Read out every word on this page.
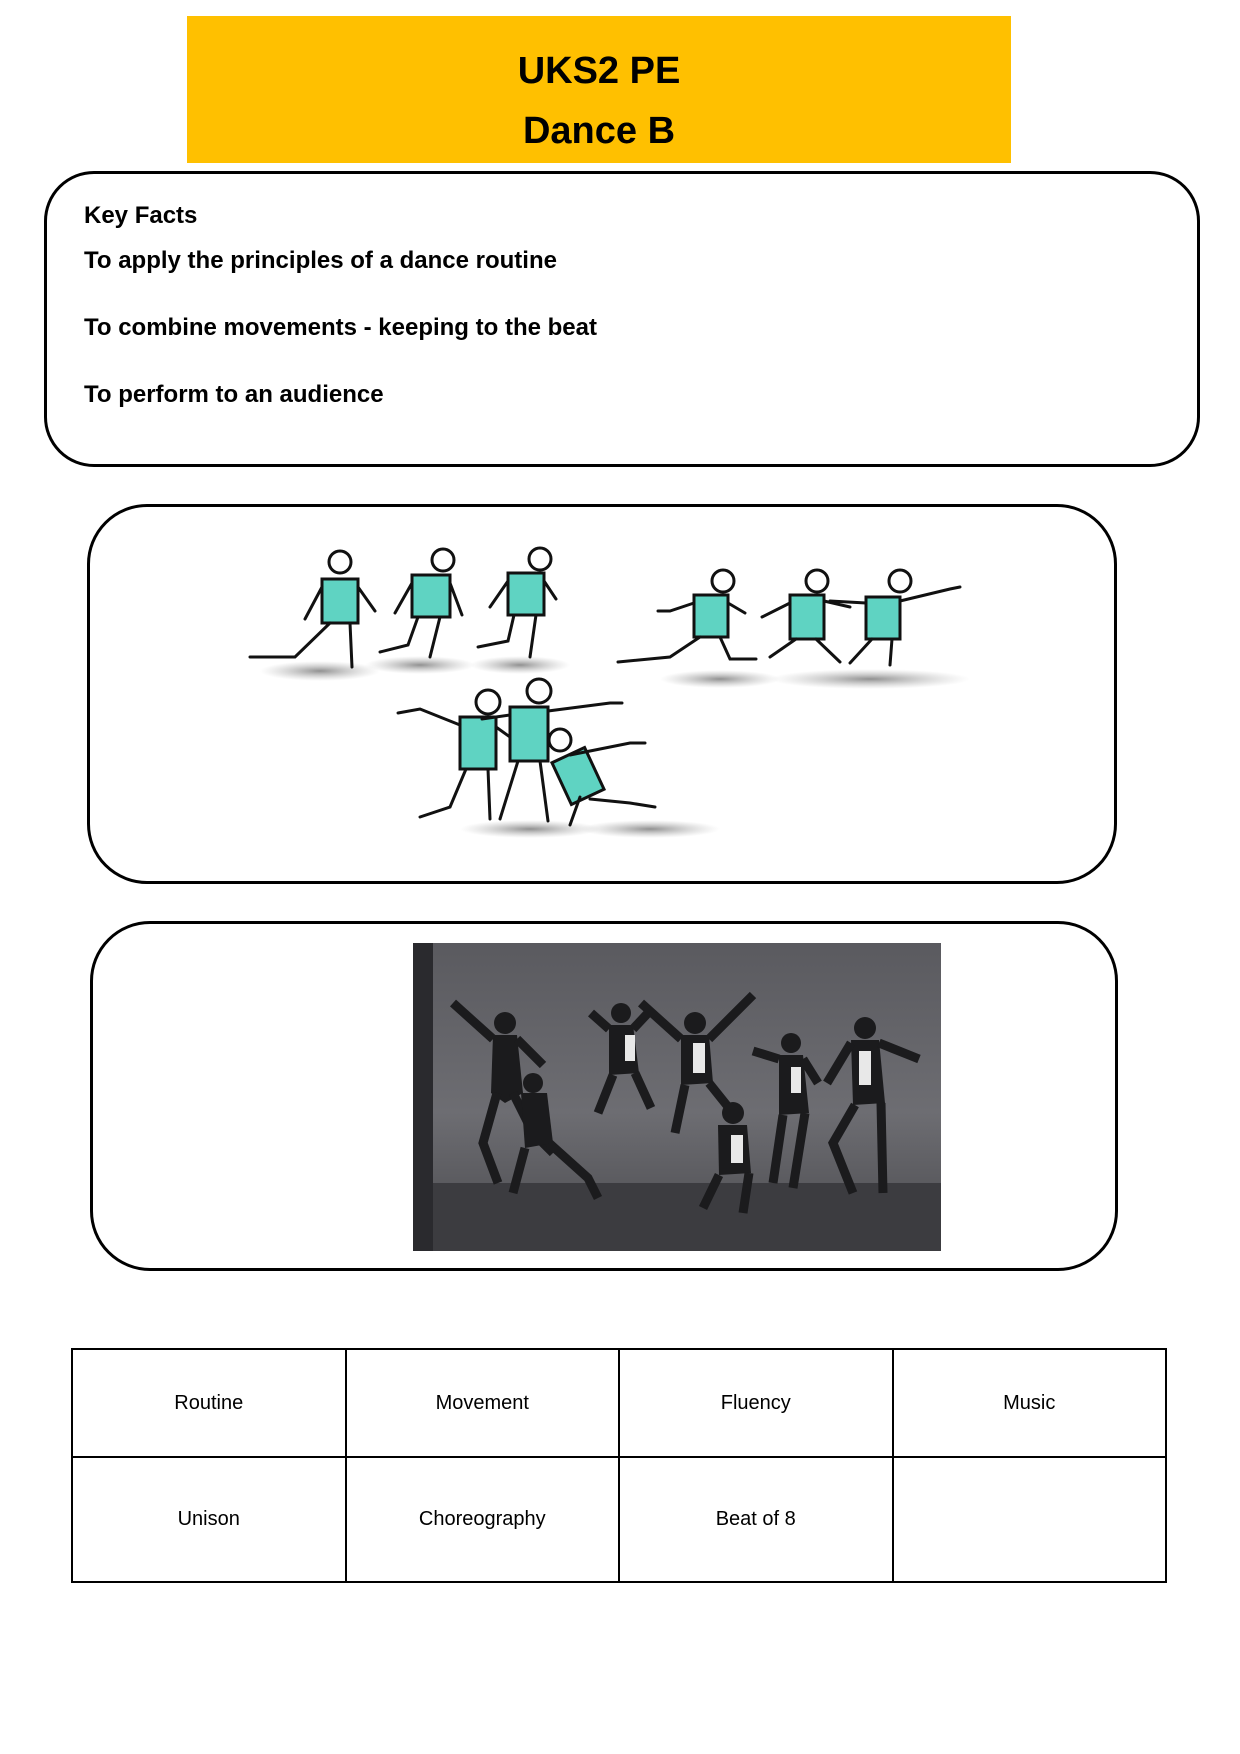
UKS2 PE
Dance B
Key Facts
To apply the principles of a dance routine
To combine movements - keeping to the beat
To perform to an audience
Routine	Movement	Fluency	Music
Unison	Choreography	Beat of 8	
